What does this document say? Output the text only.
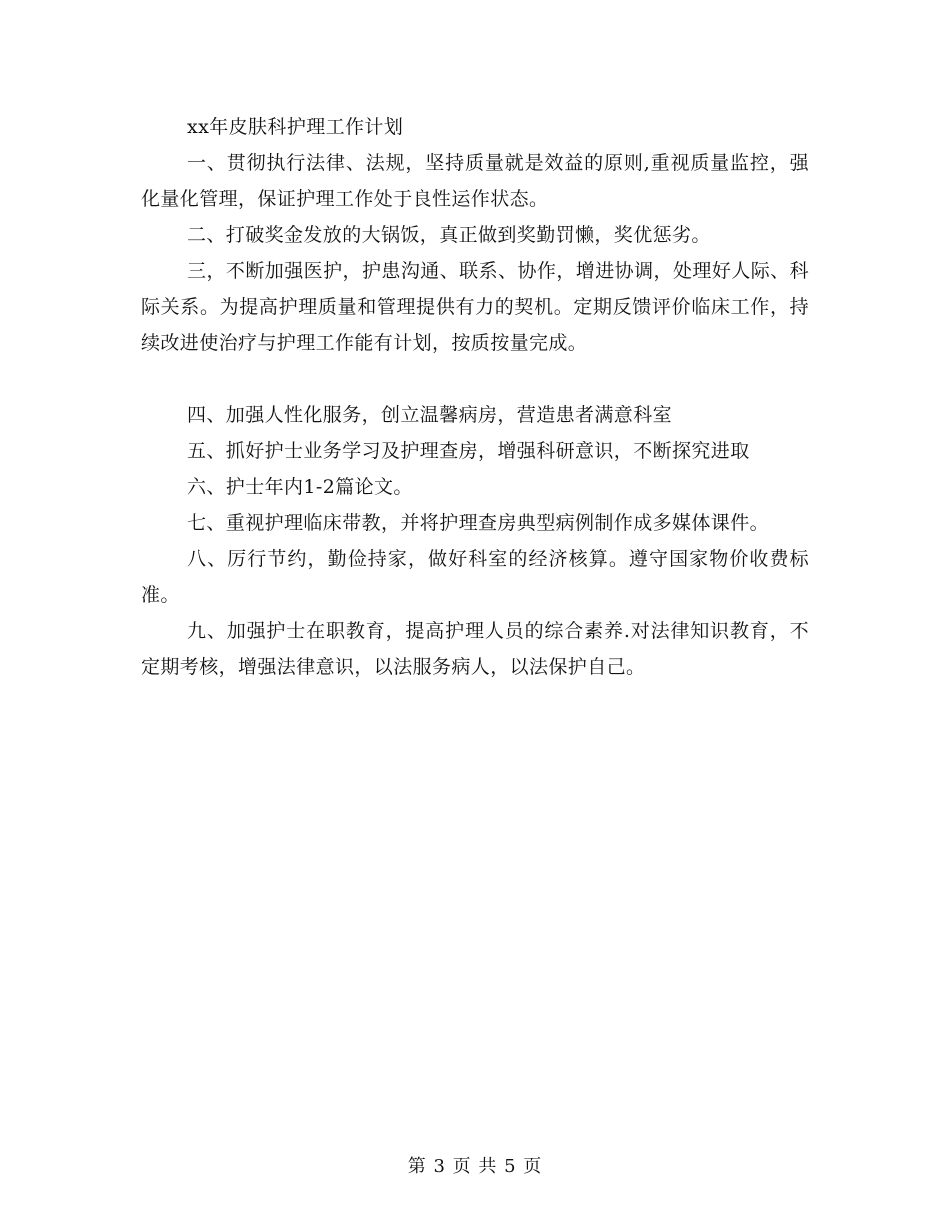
xx年皮肤科护理工作计划

一、贯彻执行法律、法规，坚持质量就是效益的原则,重视质量监控，强化量化管理，保证护理工作处于良性运作状态。

二、打破奖金发放的大锅饭，真正做到奖勤罚懒，奖优惩劣。

三，不断加强医护，护患沟通、联系、协作，增进协调，处理好人际、科际关系。为提高护理质量和管理提供有力的契机。定期反馈评价临床工作，持续改进使治疗与护理工作能有计划，按质按量完成。

四、加强人性化服务，创立温馨病房，营造患者满意科室

五、抓好护士业务学习及护理查房，增强科研意识，不断探究进取

六、护士年内1-2篇论文。

七、重视护理临床带教，并将护理查房典型病例制作成多媒体课件。

八、厉行节约，勤俭持家，做好科室的经济核算。遵守国家物价收费标准。

九、加强护士在职教育，提高护理人员的综合素养.对法律知识教育，不定期考核，增强法律意识，以法服务病人，以法保护自己。

第 3 页 共 5 页
